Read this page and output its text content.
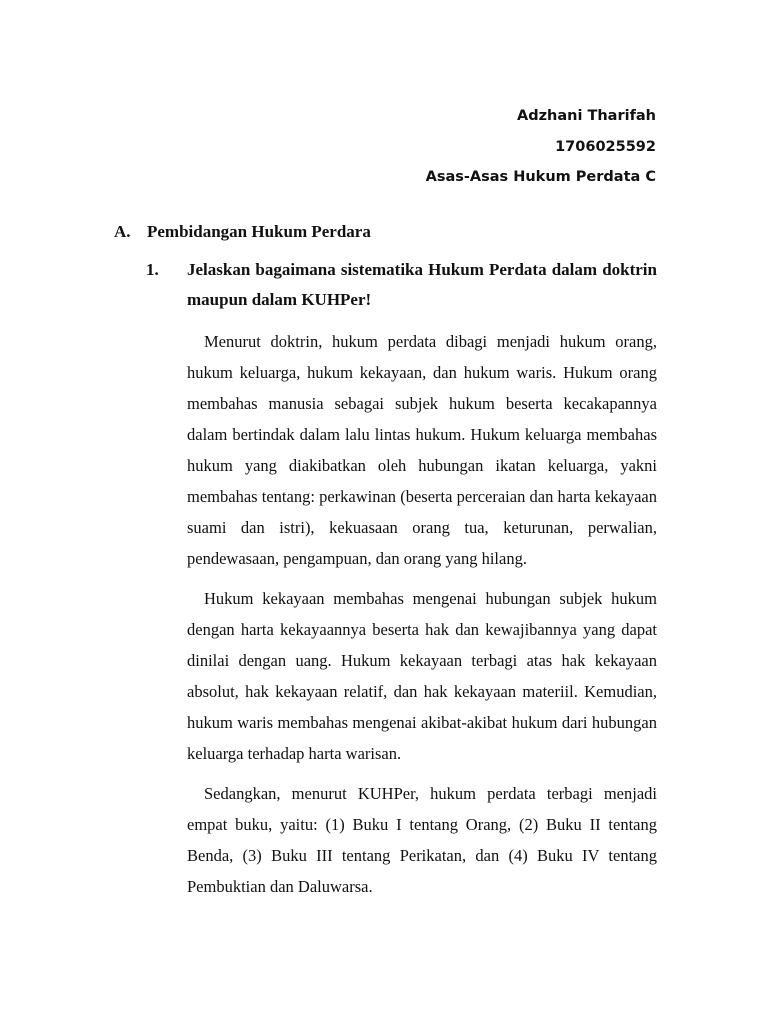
Adzhani Tharifah
1706025592
Asas-Asas Hukum Perdata C
A. Pembidangan Hukum Perdara
1. Jelaskan bagaimana sistematika Hukum Perdata dalam doktrin maupun dalam KUHPer!

Menurut doktrin, hukum perdata dibagi menjadi hukum orang, hukum keluarga, hukum kekayaan, dan hukum waris. Hukum orang membahas manusia sebagai subjek hukum beserta kecakapannya dalam bertindak dalam lalu lintas hukum. Hukum keluarga membahas hukum yang diakibatkan oleh hubungan ikatan keluarga, yakni membahas tentang: perkawinan (beserta perceraian dan harta kekayaan suami dan istri), kekuasaan orang tua, keturunan, perwalian, pendewasaan, pengampuan, dan orang yang hilang.

Hukum kekayaan membahas mengenai hubungan subjek hukum dengan harta kekayaannya beserta hak dan kewajibannya yang dapat dinilai dengan uang. Hukum kekayaan terbagi atas hak kekayaan absolut, hak kekayaan relatif, dan hak kekayaan materiil. Kemudian, hukum waris membahas mengenai akibat-akibat hukum dari hubungan keluarga terhadap harta warisan.

Sedangkan, menurut KUHPer, hukum perdata terbagi menjadi empat buku, yaitu: (1) Buku I tentang Orang, (2) Buku II tentang Benda, (3) Buku III tentang Perikatan, dan (4) Buku IV tentang Pembuktian dan Daluwarsa.
